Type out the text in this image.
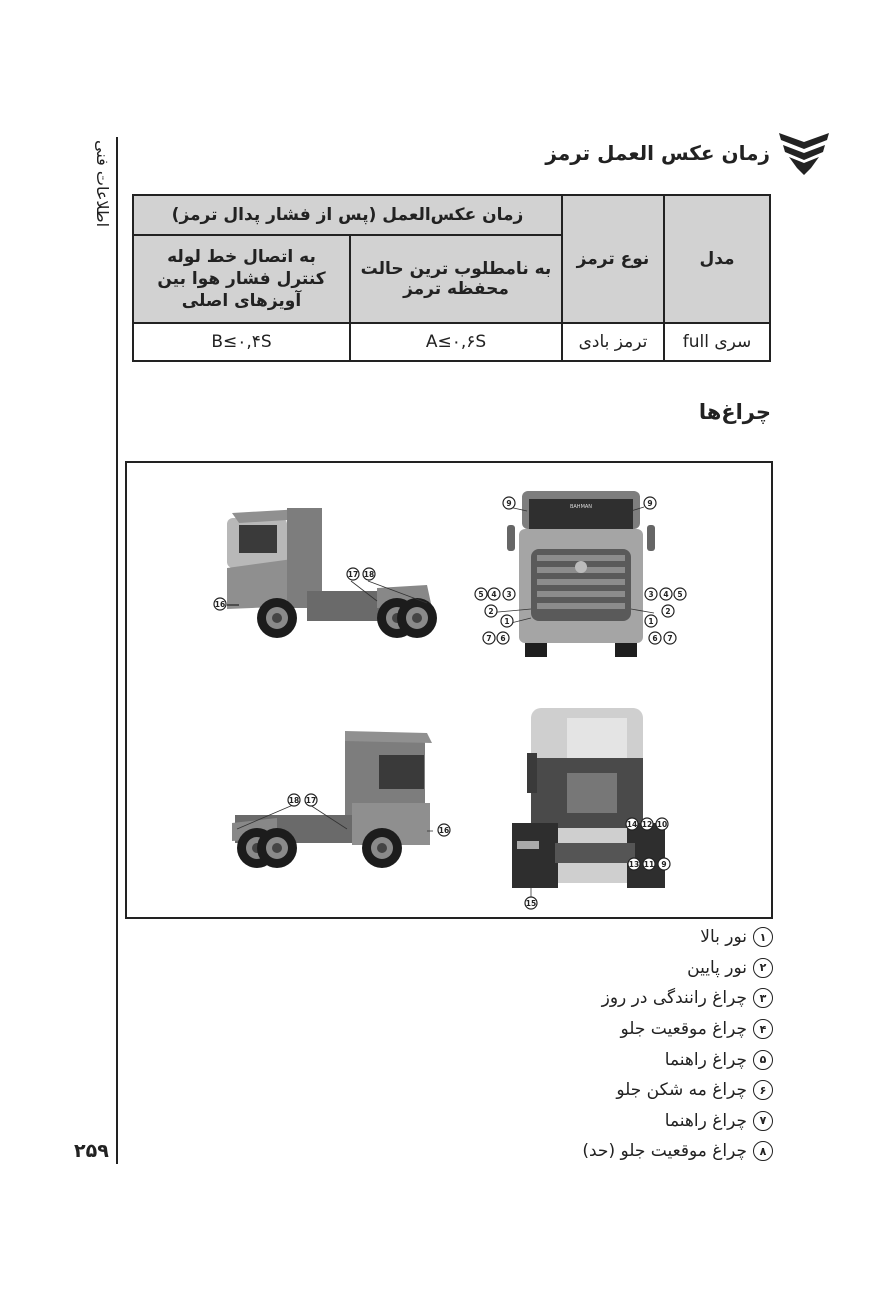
اطلاعات فنی
۲۵۹
زمان عکس العمل ترمز
مدل	نوع ترمز	زمان عکس‌العمل (پس از فشار پدال ترمز)	
		به نامطلوب ترین حالت محفظه ترمز	به اتصال خط لوله کنترل فشار هوا بین آویزهای اصلی
سری full	ترمز بادی	A≤۰,۶S	B≤۰,۴S
چراغ‌ها
BAHMAN
9	9
5 4 3
2
1
7 6
3 4 5
2
1
6 7
16
17 18
18 17
16
14 12 10
13 11 9
15
۱
نور بالا
۲
نور پایین
۳
چراغ رانندگی در روز
۴
چراغ موقعیت جلو
۵
چراغ راهنما
۶
چراغ مه شکن جلو
۷
چراغ راهنما
۸
چراغ موقعیت جلو (حد)
